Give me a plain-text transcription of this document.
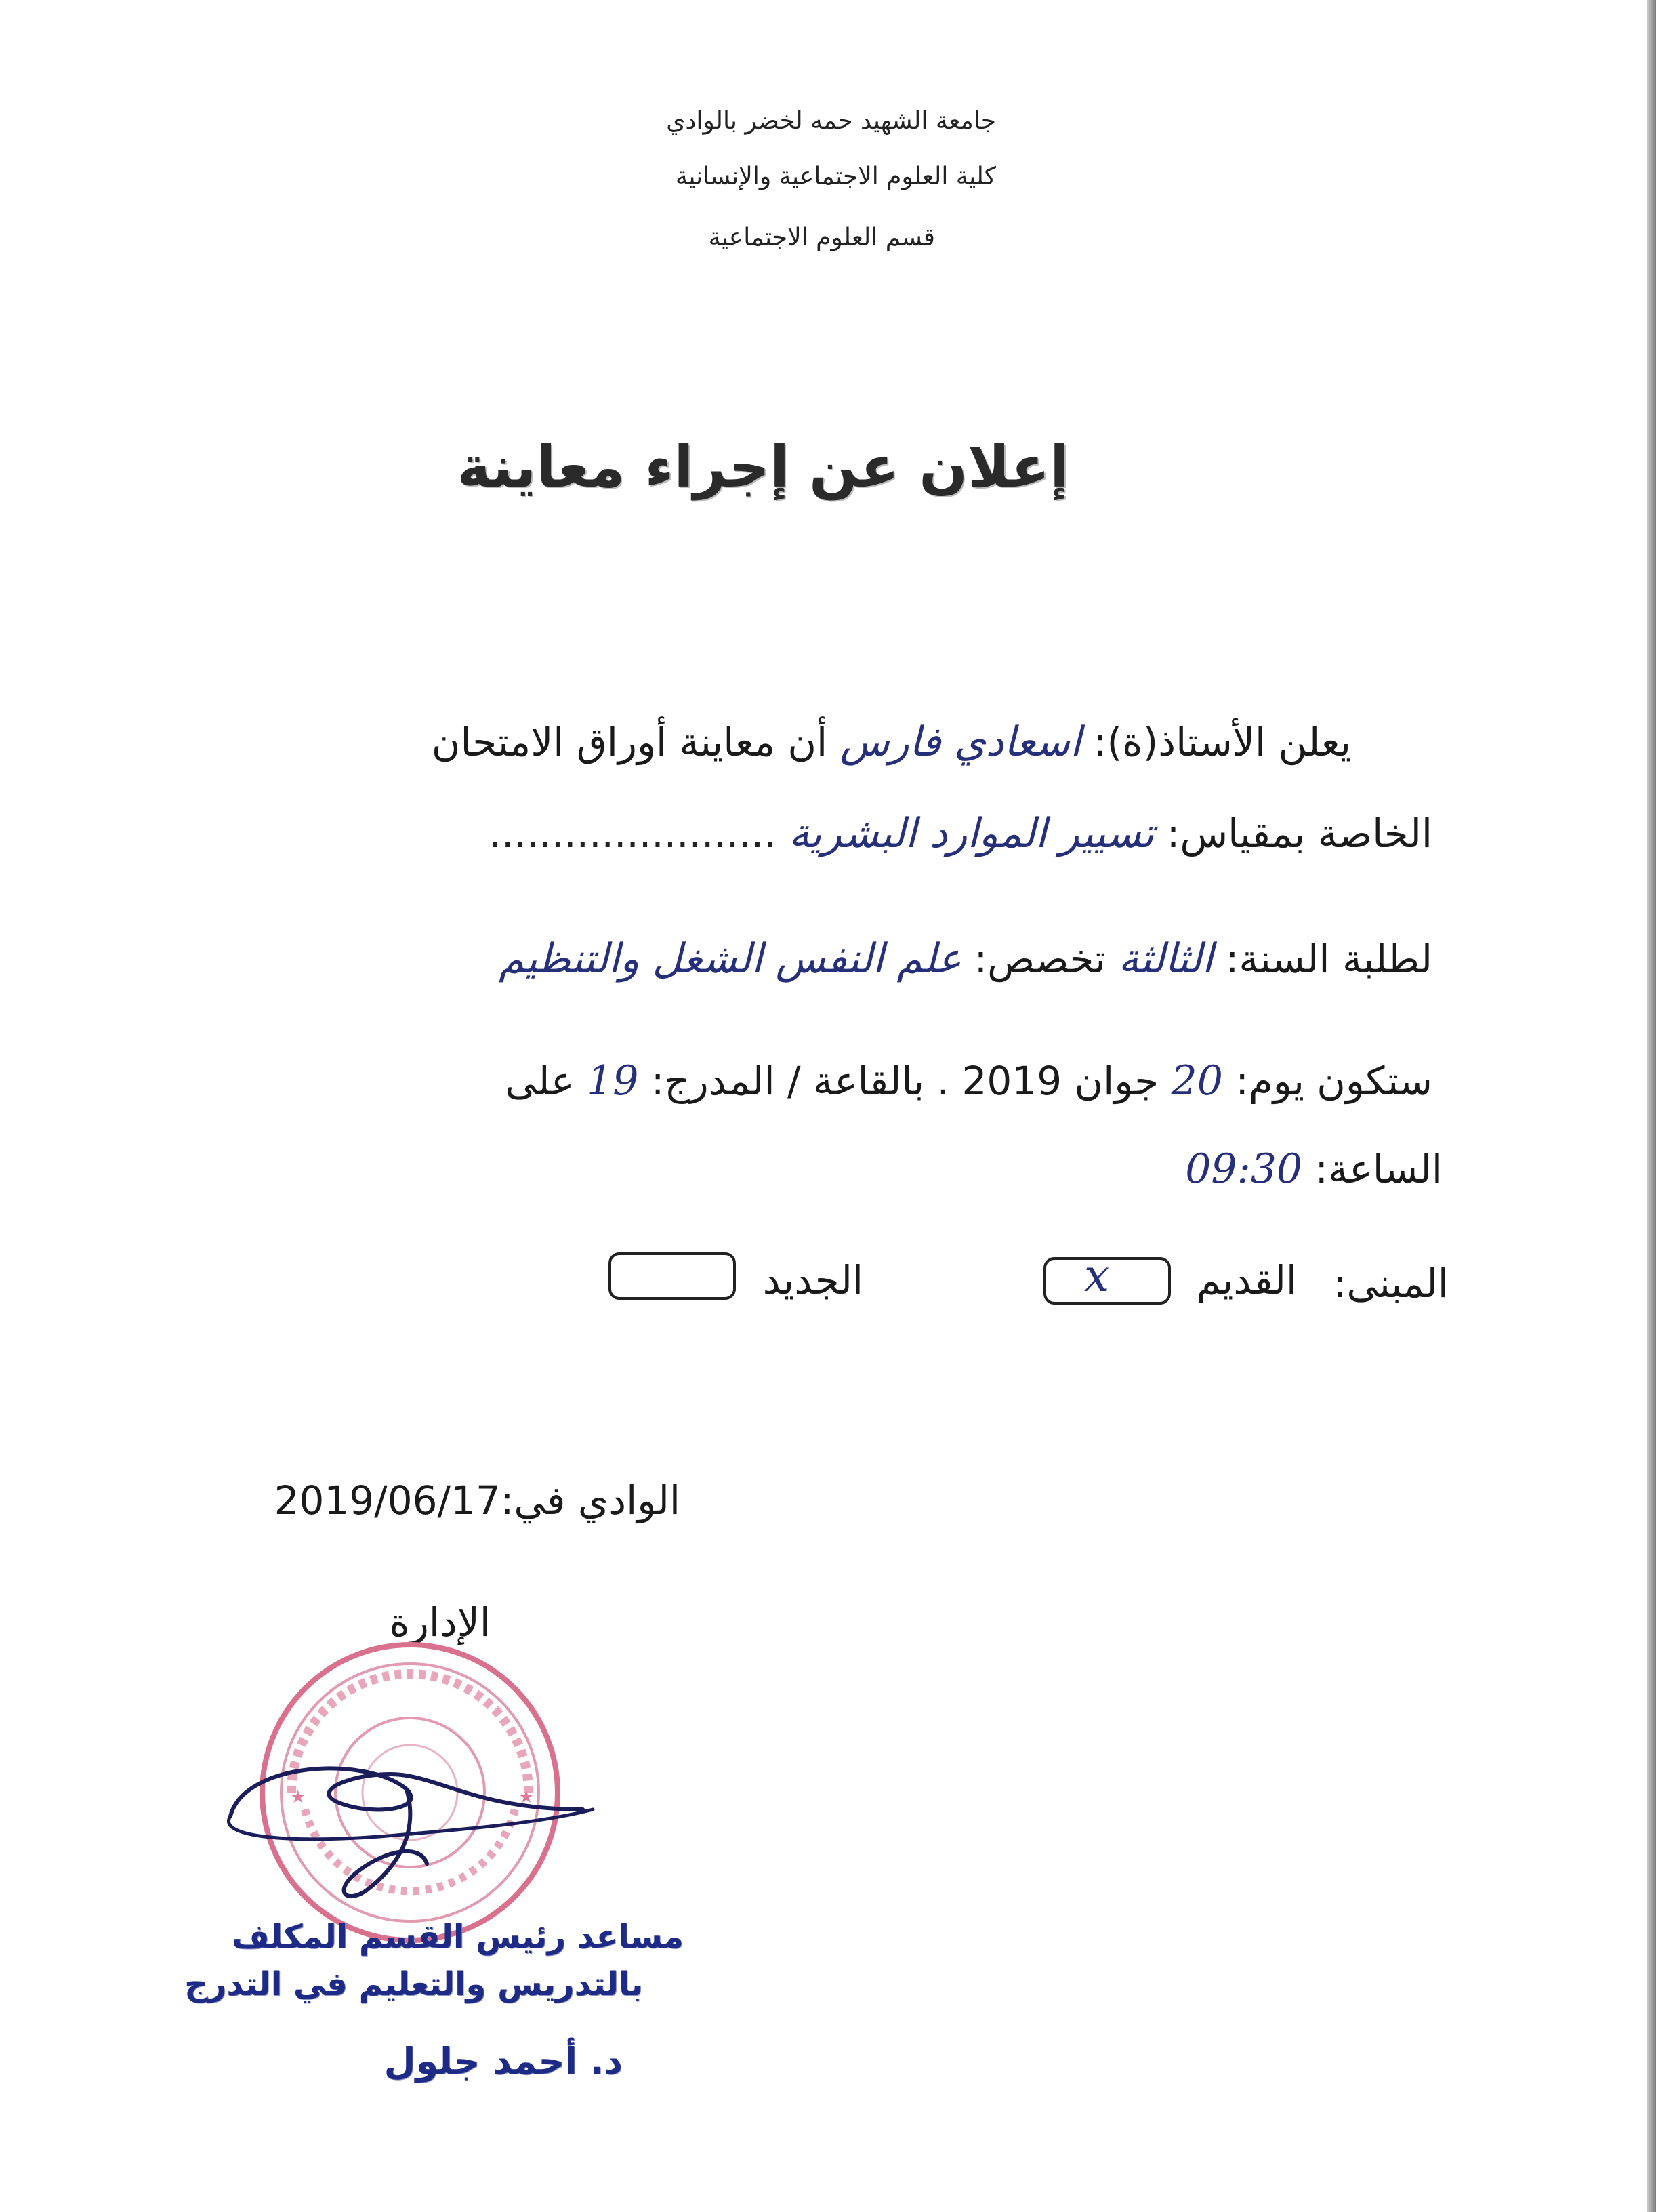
جامعة الشهيد حمه لخضر بالوادي
كلية العلوم الاجتماعية والإنسانية
قسم العلوم الاجتماعية
إعلان عن إجراء معاينة
يعلن الأستاذ(ة): اسعادي فارس أن معاينة أوراق الامتحان
الخاصة بمقياس: تسيير الموارد البشرية .......................
لطلبة السنة: الثالثة تخصص: علم النفس الشغل والتنظيم
ستكون يوم: 20 جوان 2019 . بالقاعة / المدرج: 19 على
الساعة: 09:30
المبنى:
القديم
x
الجديد
الوادي في:2019/06/17
الإدارة
★	★
مساعد رئيس القسم المكلف
بالتدريس والتعليم في التدرج
د. أحمد جلول
